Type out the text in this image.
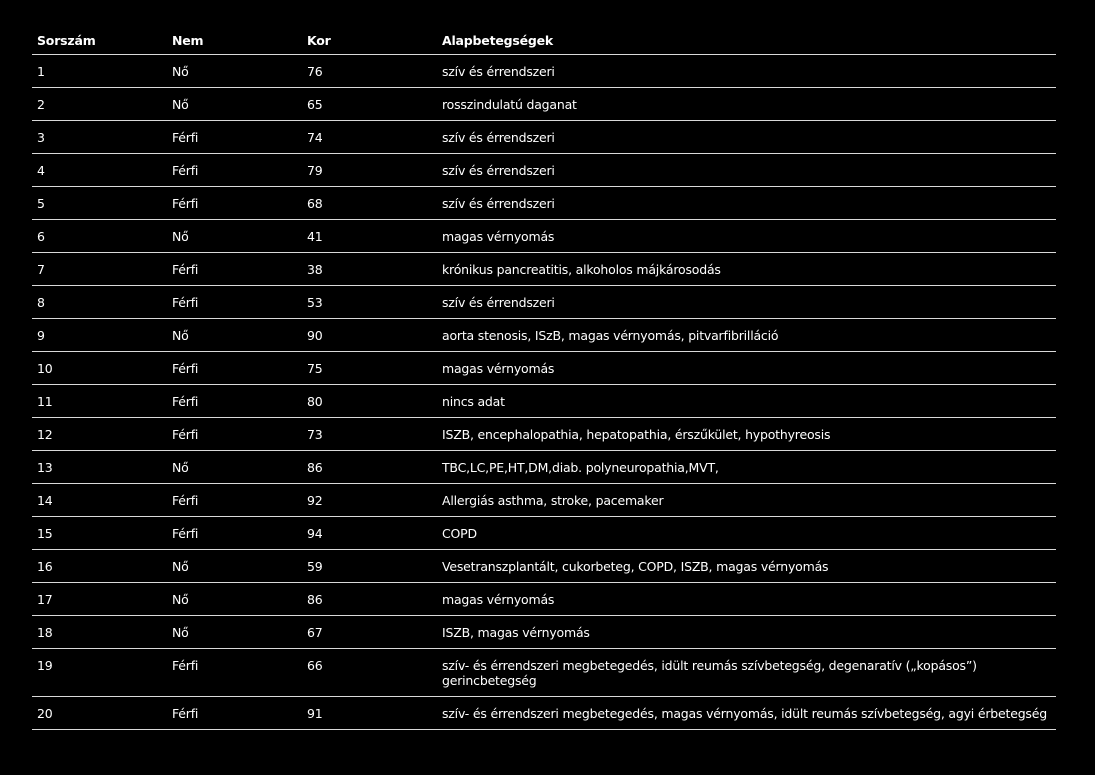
Sorszám	Nem	Kor	Alapbetegségek
1	Nő	76	szív és érrendszeri
2	Nő	65	rosszindulatú daganat
3	Férfi	74	szív és érrendszeri
4	Férfi	79	szív és érrendszeri
5	Férfi	68	szív és érrendszeri
6	Nő	41	magas vérnyomás
7	Férfi	38	krónikus pancreatitis, alkoholos májkárosodás
8	Férfi	53	szív és érrendszeri
9	Nő	90	aorta stenosis, ISzB, magas vérnyomás, pitvarfibrilláció
10	Férfi	75	magas vérnyomás
11	Férfi	80	nincs adat
12	Férfi	73	ISZB, encephalopathia, hepatopathia, érszűkület, hypothyreosis
13	Nő	86	TBC,LC,PE,HT,DM,diab. polyneuropathia,MVT,
14	Férfi	92	Allergiás asthma, stroke, pacemaker
15	Férfi	94	COPD
16	Nő	59	Vesetranszplantált, cukorbeteg, COPD, ISZB, magas vérnyomás
17	Nő	86	magas vérnyomás
18	Nő	67	ISZB, magas vérnyomás
19	Férfi	66	szív- és érrendszeri megbetegedés, idült reumás szívbetegség, degenaratív („kopásos”) gerincbetegség
20	Férfi	91	szív- és érrendszeri megbetegedés, magas vérnyomás, idült reumás szívbetegség, agyi érbetegség
